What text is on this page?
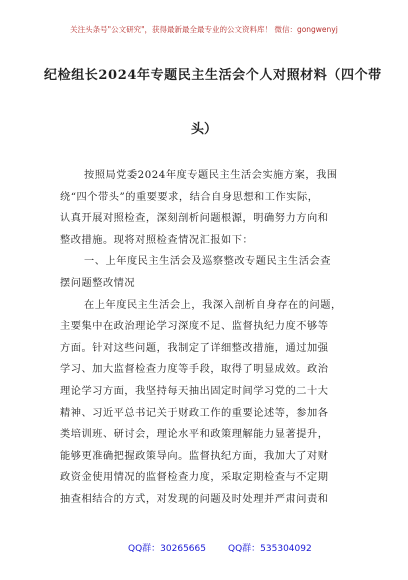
关注头条号"公文研究"，获得最新最全最专业的公文资料库！ 微信：gongwenyj
纪检组长2024年专题民主生活会个人对照材料（四个带
头）

按照局党委2024年度专题民主生活会实施方案，我围

绕“四个带头”的重要要求，结合自身思想和工作实际，

认真开展对照检查，深刻剖析问题根源，明确努力方向和

整改措施。现将对照检查情况汇报如下：

一、上年度民主生活会及巡察整改专题民主生活会查

摆问题整改情况

在上年度民主生活会上，我深入剖析自身存在的问题，

主要集中在政治理论学习深度不足、监督执纪力度不够等

方面。针对这些问题，我制定了详细整改措施，通过加强

学习、加大监督检查力度等手段，取得了明显成效。政治

理论学习方面，我坚持每天抽出固定时间学习党的二十大

精神、习近平总书记关于财政工作的重要论述等，参加各

类培训班、研讨会，理论水平和政策理解能力显著提升，

能够更准确把握政策导向。监督执纪方面，我加大了对财

政资金使用情况的监督检查力度，采取定期检查与不定期

抽查相结合的方式，对发现的问题及时处理并严肃问责和

QQ群：30265665 QQ群：535304092
